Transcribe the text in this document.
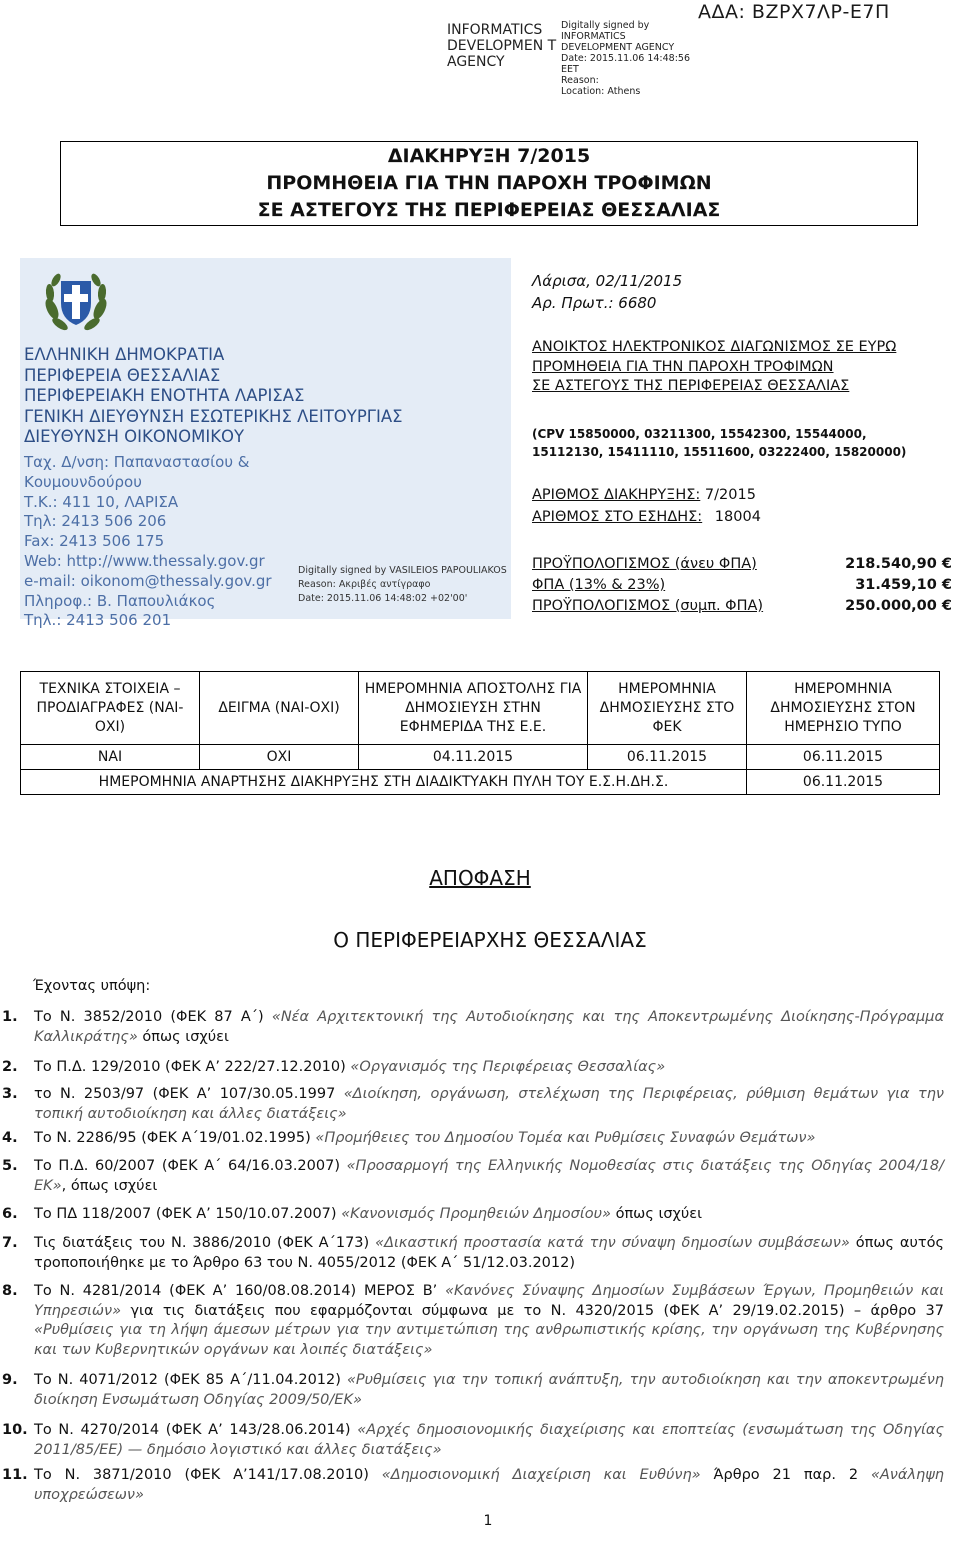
INFORMATICS DEVELOPMEN T AGENCY
Digitally signed by
INFORMATICS
DEVELOPMENT AGENCY
Date: 2015.11.06 14:48:56
EET
Reason:
Location: Athens
ΑΔΑ: ΒΖΡΧ7ΛΡ-Ε7Π
ΔΙΑΚΗΡΥΞΗ 7/2015
ΠΡΟΜΗΘΕΙΑ ΓΙΑ ΤΗΝ ΠΑΡΟΧΗ ΤΡΟΦΙΜΩΝ
ΣΕ ΑΣΤΕΓΟΥΣ ΤΗΣ ΠΕΡΙΦΕΡΕΙΑΣ ΘΕΣΣΑΛΙΑΣ
ΕΛΛΗΝΙΚΗ ΔΗΜΟΚΡΑΤΙΑ
ΠΕΡΙΦΕΡΕΙΑ ΘΕΣΣΑΛΙΑΣ
ΠΕΡΙΦΕΡΕΙΑΚΗ ΕΝΟΤΗΤΑ ΛΑΡΙΣΑΣ
ΓΕΝΙΚΗ ΔΙΕΥΘΥΝΣΗ ΕΣΩΤΕΡΙΚΗΣ ΛΕΙΤΟΥΡΓΙΑΣ
ΔΙΕΥΘΥΝΣΗ ΟΙΚΟΝΟΜΙΚΟΥ
Ταχ. Δ/νση: Παπαναστασίου & Κουμουνδούρου
Τ.Κ.: 411 10, ΛΑΡΙΣΑ
Τηλ: 2413 506 206
Fax: 2413 506 175
Web: http://www.thessaly.gov.gr
e-mail: oikonom@thessaly.gov.gr
Πληροφ.: Β. Παπουλιάκος
Τηλ.: 2413 506 201
Digitally signed by VASILEIOS PAPOULIAKOS
Reason: Ακριβές αντίγραφο
Date: 2015.11.06 14:48:02 +02'00'
Λάρισα, 02/11/2015
Αρ. Πρωτ.: 6680
ΑΝΟΙΚΤΟΣ ΗΛΕΚΤΡΟΝΙΚΟΣ ΔΙΑΓΩΝΙΣΜΟΣ ΣΕ ΕΥΡΩ
ΠΡΟΜΗΘΕΙΑ ΓΙΑ ΤΗΝ ΠΑΡΟΧΗ ΤΡΟΦΙΜΩΝ
ΣΕ ΑΣΤΕΓΟΥΣ ΤΗΣ ΠΕΡΙΦΕΡΕΙΑΣ ΘΕΣΣΑΛΙΑΣ
(CPV 15850000, 03211300, 15542300, 15544000, 15112130, 15411110, 15511600, 03222400, 15820000)
ΑΡΙΘΜΟΣ ΔΙΑΚΗΡΥΞΗΣ: 7/2015
ΑΡΙΘΜΟΣ ΣΤΟ ΕΣΗΔΗΣ: 18004
ΠΡΟΫΠΟΛΟΓΙΣΜΟΣ (άνευ ΦΠΑ)	218.540,90 €
ΦΠΑ (13% & 23%)	31.459,10 €
ΠΡΟΫΠΟΛΟΓΙΣΜΟΣ (συμπ. ΦΠΑ)	250.000,00 €
ΤΕΧΝΙΚΑ ΣΤΟΙΧΕΙΑ – ΠΡΟΔΙΑΓΡΑΦΕΣ (ΝΑΙ-ΟΧΙ)	ΔΕΙΓΜΑ (ΝΑΙ-ΟΧΙ)	ΗΜΕΡΟΜΗΝΙΑ ΑΠΟΣΤΟΛΗΣ ΓΙΑ ΔΗΜΟΣΙΕΥΣΗ ΣΤΗΝ ΕΦΗΜΕΡΙΔΑ ΤΗΣ Ε.Ε.	ΗΜΕΡΟΜΗΝΙΑ ΔΗΜΟΣΙΕΥΣΗΣ ΣΤΟ ΦΕΚ	ΗΜΕΡΟΜΗΝΙΑ ΔΗΜΟΣΙΕΥΣΗΣ ΣΤΟΝ ΗΜΕΡΗΣΙΟ ΤΥΠΟ
ΝΑΙ	ΟΧΙ	04.11.2015	06.11.2015	06.11.2015
ΗΜΕΡΟΜΗΝΙΑ ΑΝΑΡΤΗΣΗΣ ΔΙΑΚΗΡΥΞΗΣ ΣΤΗ ΔΙΑΔΙΚΤΥΑΚΗ ΠΥΛΗ ΤΟΥ Ε.Σ.Η.ΔΗ.Σ.				06.11.2015
ΑΠΟΦΑΣΗ
Ο ΠΕΡΙΦΕΡΕΙΑΡΧΗΣ ΘΕΣΣΑΛΙΑΣ
Έχοντας υπόψη:
1. Το Ν. 3852/2010 (ΦΕΚ 87 Α΄) «Νέα Αρχιτεκτονική της Αυτοδιοίκησης και της Αποκεντρωμένης Διοίκησης-Πρόγραμμα Καλλικράτης» όπως ισχύει
2. Το Π.Δ. 129/2010 (ΦΕΚ Α’ 222/27.12.2010) «Οργανισμός της Περιφέρειας Θεσσαλίας»
3. το Ν. 2503/97 (ΦΕΚ Α’ 107/30.05.1997 «Διοίκηση, οργάνωση, στελέχωση της Περιφέρειας, ρύθμιση θεμάτων για την τοπική αυτοδιοίκηση και άλλες διατάξεις»
4. Το Ν. 2286/95 (ΦΕΚ Α΄19/01.02.1995) «Προμήθειες του Δημοσίου Τομέα και Ρυθμίσεις Συναφών Θεμάτων»
5. Το Π.Δ. 60/2007 (ΦΕΚ Α΄ 64/16.03.2007) «Προσαρμογή της Ελληνικής Νομοθεσίας στις διατάξεις της Οδηγίας 2004/18/ΕΚ», όπως ισχύει
6. Το ΠΔ 118/2007 (ΦΕΚ Α’ 150/10.07.2007) «Κανονισμός Προμηθειών Δημοσίου» όπως ισχύει
7. Τις διατάξεις του Ν. 3886/2010 (ΦΕΚ Α΄173) «Δικαστική προστασία κατά την σύναψη δημοσίων συμβάσεων» όπως αυτός τροποποιήθηκε με το Άρθρο 63 του Ν. 4055/2012 (ΦΕΚ Α΄ 51/12.03.2012)
8. Το Ν. 4281/2014 (ΦΕΚ Α’ 160/08.08.2014) ΜΕΡΟΣ Β’ «Κανόνες Σύναψης Δημοσίων Συμβάσεων Έργων, Προμηθειών και Υπηρεσιών» για τις διατάξεις που εφαρμόζονται σύμφωνα με το Ν. 4320/2015 (ΦΕΚ Α’ 29/19.02.2015) – άρθρο 37 «Ρυθμίσεις για τη λήψη άμεσων μέτρων για την αντιμετώπιση της ανθρωπιστικής κρίσης, την οργάνωση της Κυβέρνησης και των Κυβερνητικών οργάνων και λοιπές διατάξεις»
9. Το Ν. 4071/2012 (ΦΕΚ 85 Α΄/11.04.2012) «Ρυθμίσεις για την τοπική ανάπτυξη, την αυτοδιοίκηση και την αποκεντρωμένη διοίκηση Ενσωμάτωση Οδηγίας 2009/50/ΕΚ»
10. Το Ν. 4270/2014 (ΦΕΚ Α’ 143/28.06.2014) «Αρχές δημοσιονομικής διαχείρισης και εποπτείας (ενσωμάτωση της Οδηγίας 2011/85/ΕΕ) — δημόσιο λογιστικό και άλλες διατάξεις»
11. Το Ν. 3871/2010 (ΦΕΚ Α’141/17.08.2010) «Δημοσιονομική Διαχείριση και Ευθύνη» Άρθρο 21 παρ. 2 «Ανάληψη υποχρεώσεων»
1
